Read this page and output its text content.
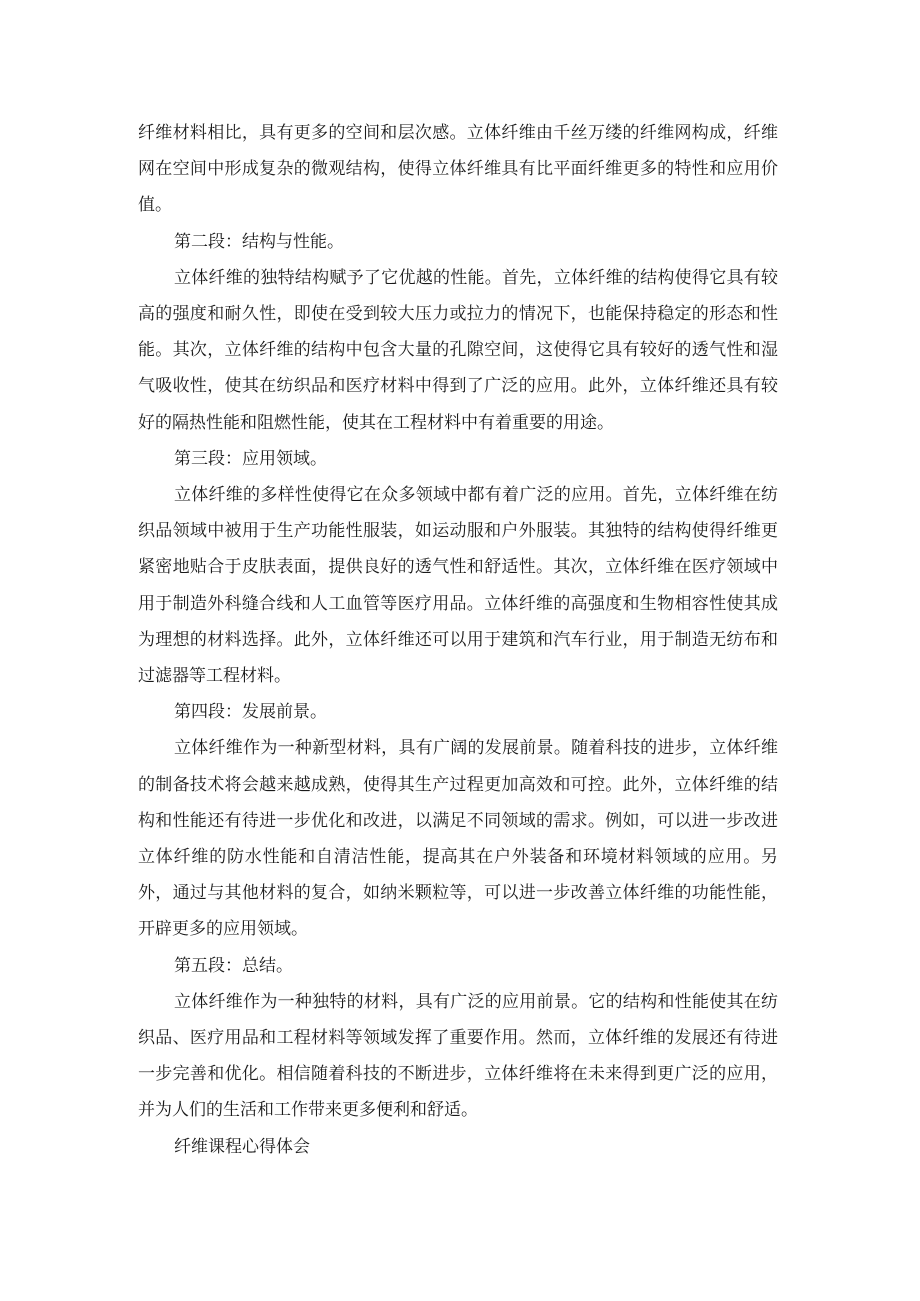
纤维材料相比，具有更多的空间和层次感。立体纤维由千丝万缕的纤维网构成，纤维网在空间中形成复杂的微观结构，使得立体纤维具有比平面纤维更多的特性和应用价值。

第二段：结构与性能。

立体纤维的独特结构赋予了它优越的性能。首先，立体纤维的结构使得它具有较高的强度和耐久性，即使在受到较大压力或拉力的情况下，也能保持稳定的形态和性能。其次，立体纤维的结构中包含大量的孔隙空间，这使得它具有较好的透气性和湿气吸收性，使其在纺织品和医疗材料中得到了广泛的应用。此外，立体纤维还具有较好的隔热性能和阻燃性能，使其在工程材料中有着重要的用途。

第三段：应用领域。

立体纤维的多样性使得它在众多领域中都有着广泛的应用。首先，立体纤维在纺织品领域中被用于生产功能性服装，如运动服和户外服装。其独特的结构使得纤维更紧密地贴合于皮肤表面，提供良好的透气性和舒适性。其次，立体纤维在医疗领域中用于制造外科缝合线和人工血管等医疗用品。立体纤维的高强度和生物相容性使其成为理想的材料选择。此外，立体纤维还可以用于建筑和汽车行业，用于制造无纺布和过滤器等工程材料。

第四段：发展前景。

立体纤维作为一种新型材料，具有广阔的发展前景。随着科技的进步，立体纤维的制备技术将会越来越成熟，使得其生产过程更加高效和可控。此外，立体纤维的结构和性能还有待进一步优化和改进，以满足不同领域的需求。例如，可以进一步改进立体纤维的防水性能和自清洁性能，提高其在户外装备和环境材料领域的应用。另外，通过与其他材料的复合，如纳米颗粒等，可以进一步改善立体纤维的功能性能，开辟更多的应用领域。

第五段：总结。

立体纤维作为一种独特的材料，具有广泛的应用前景。它的结构和性能使其在纺织品、医疗用品和工程材料等领域发挥了重要作用。然而，立体纤维的发展还有待进一步完善和优化。相信随着科技的不断进步，立体纤维将在未来得到更广泛的应用，并为人们的生活和工作带来更多便利和舒适。

纤维课程心得体会
